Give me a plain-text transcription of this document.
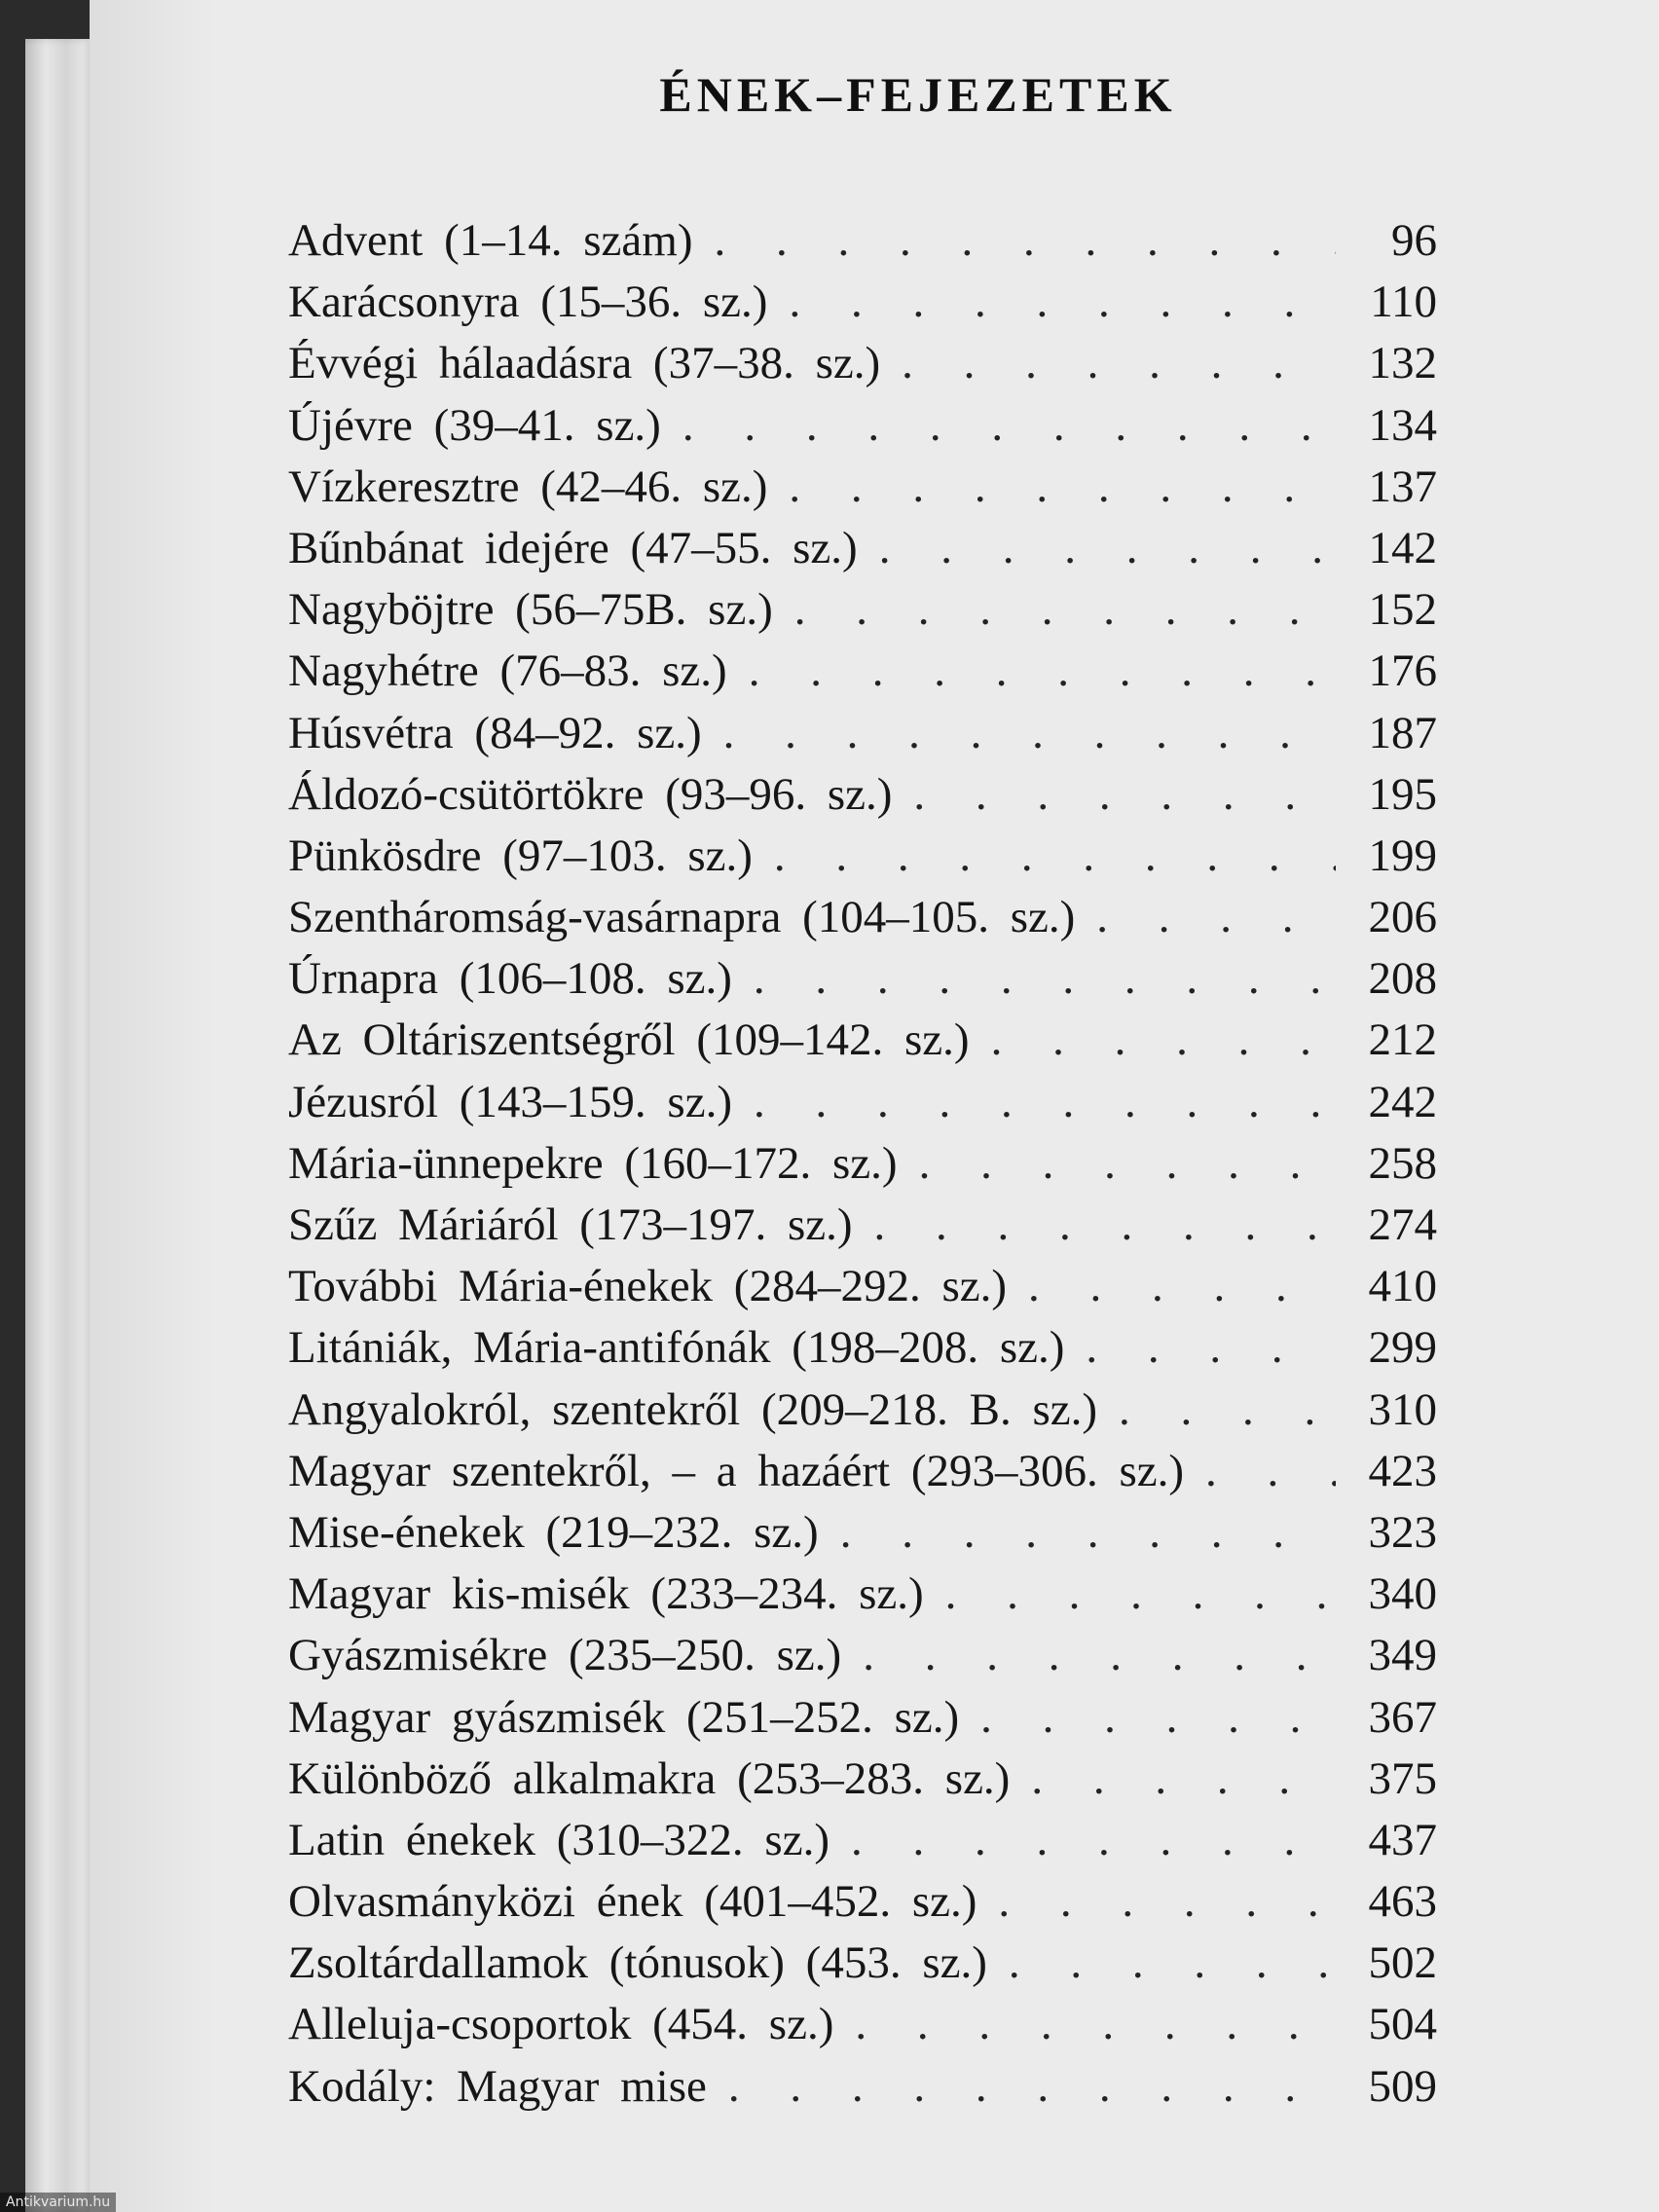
ÉNEK–FEJEZETEK
Advent (1–14. szám) . . .	96
Karácsonyra (15–36. sz.) . . .	110
Évvégi hálaadásra (37–38. sz.) . . .	132
Újévre (39–41. sz.) . . .	134
Vízkeresztre (42–46. sz.) . . .	137
Bűnbánat idejére (47–55. sz.) . . .	142
Nagyböjtre (56–75B. sz.) . . .	152
Nagyhétre (76–83. sz.) . . .	176
Húsvétra (84–92. sz.) . . .	187
Áldozó-csütörtökre (93–96. sz.) . . .	195
Pünkösdre (97–103. sz.) . . .	199
Szentháromság-vasárnapra (104–105. sz.) . . .	206
Úrnapra (106–108. sz.) . . .	208
Az Oltáriszentségről (109–142. sz.) . . .	212
Jézusról (143–159. sz.) . . .	242
Mária-ünnepekre (160–172. sz.) . . .	258
Szűz Máriáról (173–197. sz.) . . .	274
További Mária-énekek (284–292. sz.) . . .	410
Litániák, Mária-antifónák (198–208. sz.) . . .	299
Angyalokról, szentekről (209–218. B. sz.) . . .	310
Magyar szentekről, – a hazáért (293–306. sz.) . . .	423
Mise-énekek (219–232. sz.) . . .	323
Magyar kis-misék (233–234. sz.) . . .	340
Gyászmisékre (235–250. sz.) . . .	349
Magyar gyászmisék (251–252. sz.) . . .	367
Különböző alkalmakra (253–283. sz.) . . .	375
Latin énekek (310–322. sz.) . . .	437
Olvasmányközi ének (401–452. sz.) . . .	463
Zsoltárdallamok (tónusok) (453. sz.) . . .	502
Alleluja-csoportok (454. sz.) . . .	504
Kodály: Magyar mise . . .	509
Antikvarium.hu
